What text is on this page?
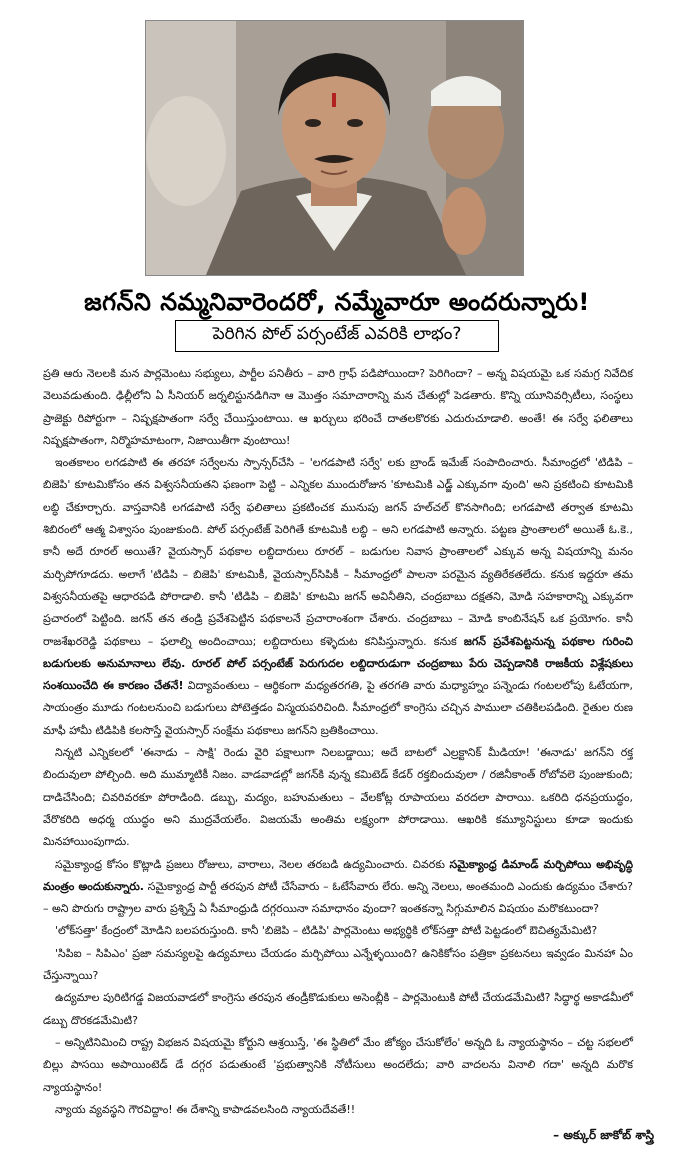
జగన్‌ని నమ్మనివారెందరో, నమ్మేవారూ అందరున్నారు!
పెరిగిన పోల్‌ పర్సంటేజ్‌ ఎవరికి లాభం?

ప్రతి ఆరు నెలలకి మన పార్లమెంటు సభ్యులు, పార్టీల పనితీరు – వారి గ్రాఫ్‌ పడిపోయిందా? పెరిగిందా? – అన్న విషయమై ఒక సమగ్ర నివేదిక వెలువడుతుంది. ఢిల్లీలోని ఏ సీనియర్‌ జర్నలిస్టునడిగినా ఆ మొత్తం సమాచారాన్ని మన చేతుల్లో పెడతారు. కొన్ని యూనివర్సిటీలు, సంస్థలు ప్రాజెక్టు రిపోర్టుగా – నిష్పక్షపాతంగా సర్వే చేయిస్తుంటాయి. ఆ ఖర్చులు భరించే దాతలకొరకు ఎదురుచూడాలి. అంతే! ఈ సర్వే ఫలితాలు నిష్పక్షపాతంగా, నిర్మొహమాటంగా, నిజాయితీగా వుంటాయి!

ఇంతకాలం లగడపాటి ఈ తరహా సర్వేలను స్పాన్సర్‌చేసి – 'లగడపాటి సర్వే' లకు బ్రాండ్‌ ఇమేజ్‌ సంపాదించారు. సీమాంధ్రలో 'టిడిపి – బిజెపి' కూటమికోసం తన విశ్వసనీయతని ఫణంగా పెట్టి – ఎన్నికల ముందురోజున 'కూటమికి ఎడ్జ్‌ ఎక్కువగా వుంది' అని ప్రకటించి కూటమికి లబ్ధి చేకూర్చారు. వాస్తవానికి లగడపాటి సర్వే ఫలితాలు ప్రకటించక మునుపు జగన్‌ హల్‌చల్‌ కొనసాగింది; లగడపాటి తర్వాత కూటమి శిబిరంలో ఆత్మ విశ్వాసం పుంజుకుంది. పోల్‌ పర్సంటేజ్‌ పెరిగితే కూటమికి లబ్ధి – అని లగడపాటి అన్నారు. పట్టణ ప్రాంతాలలో అయితే ఓ.కె., కానీ అదే రూరల్‌ అయితే? వైయస్సార్‌ పథకాల లబ్దిదారులు రూరల్‌ – బడుగుల నివాస ప్రాంతాలలో ఎక్కువ అన్న విషయాన్ని మనం మర్చిపోగూడదు. అలాగే 'టిడిపి – బిజెపి' కూటమికీ, వైయస్సార్‌సిపికీ – సీమాంధ్రలో పాలనా పరమైన వ్యతిరేకతలేదు. కనుక ఇద్దరూ తమ విశ్వసనీయతపై ఆధారపడి పోరాడాలి. కానీ 'టిడిపి – బిజెపి' కూటమి జగన్‌ అవినీతిని, చంద్రబాబు దక్షతని, మోడి సహకారాన్ని ఎక్కువగా ప్రచారంలో పెట్టింది. జగన్‌ తన తండ్రి ప్రవేశపెట్టిన పథకాలనే ప్రచారాంశంగా చేశారు. చంద్రబాబు – మోడి కాంబినేషన్‌ ఒక ప్రయోగం. కానీ రాజశేఖరరెడ్డి పథకాలు – ఫలాల్ని అందించాయి; లబ్దిదారులు కళ్ళెదుట కనిపిస్తున్నారు. కనుక జగన్‌ ప్రవేశపెట్టనున్న పథకాల గురించి బడుగులకు అనుమానాలు లేవు. రూరల్‌ పోల్‌ పర్సంటేజ్‌ పెరుగుదల లబ్దిదారుడుగా చంద్రబాబు పేరు చెప్పడానికి రాజకీయ విశ్లేషకులు సంశయించేది ఈ కారణం చేతనే! విద్యావంతులు – ఆర్థికంగా మధ్యతరగతి, పై తరగతి వారు మధ్యాహ్నం పన్నెండు గంటలలోపు ఓటేయగా, సాయంత్రం మూడు గంటలనుంచి బడుగులు పోటెత్తడం విస్మయపరిచింది. సీమాంధ్రలో కాంగ్రెసు చచ్చిన పాములా చతికిలపడింది. రైతుల రుణ మాఫీ హామీ టిడిపికి కలసొస్తే వైయస్సార్‌ సంక్షేమ పథకాలు జగన్‌ని బ్రతికించాయి.

నిన్నటి ఎన్నికలలో 'ఈనాడు – సాక్షి' రెండు వైరి పక్షాలుగా నిలబడ్డాయి; అదే బాటలో ఎల్రక్టానిక్‌ మీడియా! 'ఈనాడు' జగన్‌ని రక్త బిందువులా పోల్చింది. అది ముమ్మాటికీ నిజం. వాడవాడల్లో జగన్‌కి వున్న కమిటెడ్‌ కేడర్‌ రక్తబిందువులా / రజినీకాంత్‌ రోబోవలె పుంజుకుంది; దాడిచేసింది; చివరివరకూ పోరాడింది. డబ్బు, మద్యం, బహుమతులు – వేలకోట్ల రూపాయలు వరదలా పారాయి. ఒకరిది ధనప్రయుద్ధం, వేరొకరిది అధర్మ యుద్ధం అని ముద్రవేయలేం. విజయమే అంతిమ లక్ష్యంగా పోరాడాయి. ఆఖరికి కమ్యూనిస్టులు కూడా ఇందుకు మినహాయింపుగాదు.

సమైక్యాంధ్ర కోసం కొట్లాడి ప్రజలు రోజులు, వారాలు, నెలల తరబడి ఉద్యమించారు. చివరకు సమైక్యాంధ్ర డిమాండ్‌ మర్చిపోయి అభివృద్ధి మంత్రం అందుకున్నారు. సమైక్యాంధ్ర పార్టీ తరపున పోటీ చేసేవారు – ఓటేసేవారు లేరు. అన్ని నెలలు, అంతమంది ఎందుకు ఉద్యమం చేశారు? – అని పొరుగు రాష్ట్రాల వారు ప్రశ్నిస్తే ఏ సీమాంధ్రుడి దగ్గరయినా సమాధానం వుందా? ఇంతకన్నా సిగ్గుమాలిన విషయం మరొకటుందా?

'లోక్‌సత్తా' కేంద్రంలో మోడిని బలపరుస్తుంది. కానీ 'బిజెపి – టిడిపి' పార్లమెంటు అభ్యర్థికి లోక్‌సత్తా పోటీ పెట్టడంలో ఔచిత్యమేమిటి?

'సిపిఐ – సిపిఎం' ప్రజా సమస్యలపై ఉద్యమాలు చేయడం మర్చిపోయి ఎన్నేళ్ళయింది? ఉనికికోసం పత్రికా ప్రకటనలు ఇవ్వడం మినహా ఏం చేస్తున్నాయి?

ఉద్యమాల పురిటిగడ్డ విజయవాడలో కాంగ్రెసు తరపున తండ్రీకొడుకులు అసెంబ్లీకి – పార్లమెంటుకి పోటీ చేయడమేమిటి? సిద్ధార్థ అకాడమీలో డబ్బు దొరకడమేమిటి?

– అన్నిటినిమించి రాష్ట్ర విభజన విషయమై కోర్టుని ఆశ్రయిస్తే, 'ఈ స్థితిలో మేం జోక్యం చేసుకోలేం' అన్నది ఓ న్యాయస్థానం – చట్ట సభలలో బిల్లు పాసయి అపాయింటెడ్‌ డే దగ్గర పడుతుంటే 'ప్రభుత్వానికి నోటీసులు అందలేదు; వారి వాదలను వినాలి గదా' అన్నది మరొక న్యాయస్థానం!

న్యాయ వ్యవస్థని గౌరవిద్దాం! ఈ దేశాన్ని కాపాడవలసింది న్యాయదేవతే!!

– అక్కుర్‌ జాకోబ్‌ శాస్త్రి
